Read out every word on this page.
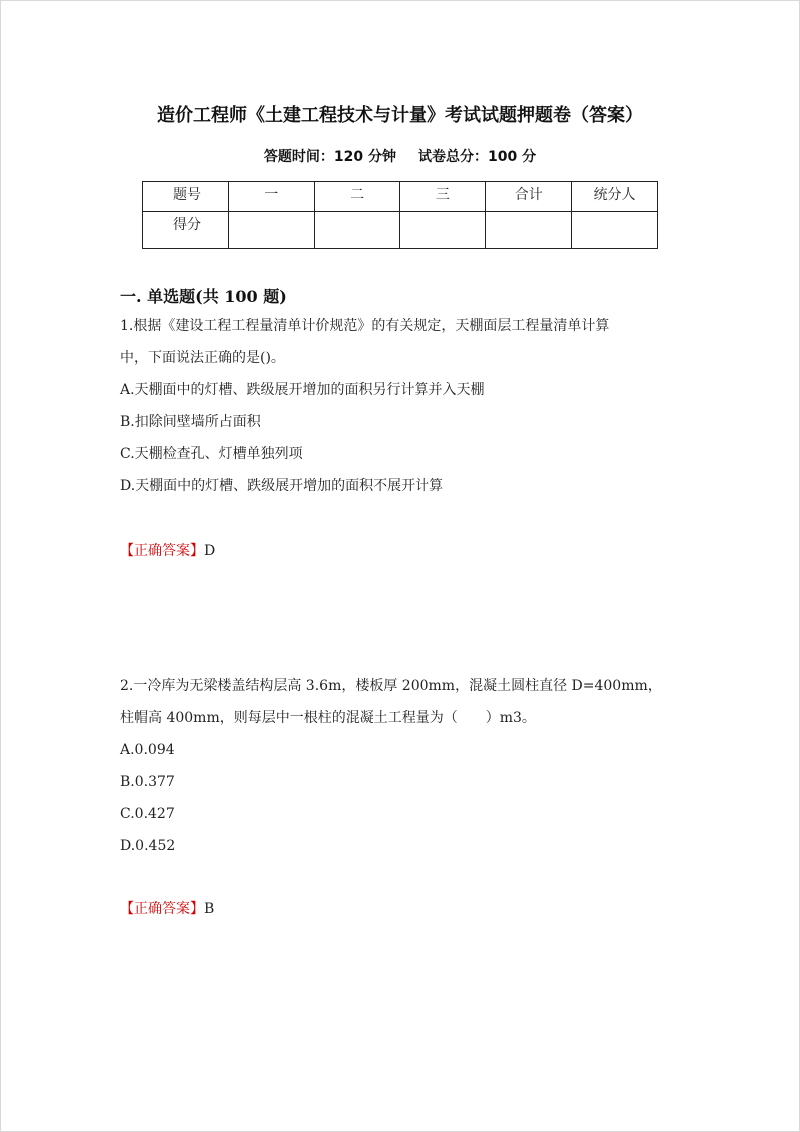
造价工程师《土建工程技术与计量》考试试题押题卷（答案）
答题时间：120 分钟 试卷总分：100 分
题号	一	二	三	合计	统分人
得分					
一. 单选题(共 100 题)
1.根据《建设工程工程量清单计价规范》的有关规定，天棚面层工程量清单计算
中，下面说法正确的是()。
A.天棚面中的灯槽、跌级展开增加的面积另行计算并入天棚
B.扣除间壁墙所占面积
C.天棚检查孔、灯槽单独列项
D.天棚面中的灯槽、跌级展开增加的面积不展开计算
【正确答案】D
2.一冷库为无梁楼盖结构层高 3.6m，楼板厚 200mm，混凝土圆柱直径 D=400mm，
柱帽高 400mm，则每层中一根柱的混凝土工程量为（　　）m3。
A.0.094
B.0.377
C.0.427
D.0.452
【正确答案】B
